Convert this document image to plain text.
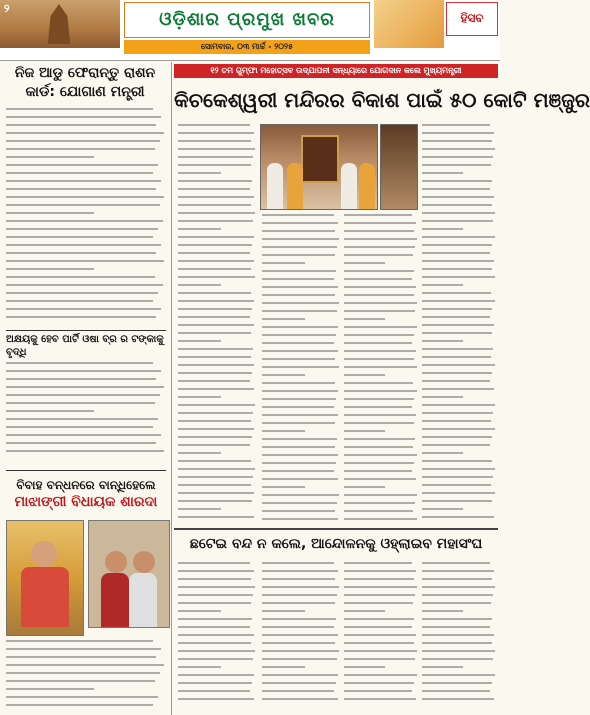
୨
ଓଡ଼ିଶାର ପ୍ରମୁଖ ଖବର
ସୋମବାର, ୦୩ ମାର୍ଚ୍ଚ - ୨୦୨୫
ହିସବ
ନିଜ ଆଡୁ ଫେରାନ୍ତୁ ରାଶନ
କାର୍ଡ: ଯୋଗାଣ ମନ୍ତ୍ରୀ
ଅକ୍ଷୟକୁ ହେବ ପାର୍ଟି ଓଷା ବ୍ର ର ଟଙ୍କାକୁ ବୃଦ୍ଧି
ବିବାହ ବନ୍ଧନରେ ବାନ୍ଧିହେଲେ
ମାଝାଙ୍ଗୀ ବିଧାୟକ ଶାରଦା
୧୨ ତମ ଗୁମ୍ଫା ମହୋତ୍ସବ ଉଦ୍‌ଯାପନୀ ସନ୍ଧ୍ୟାରେ ଯୋଗଦାନ କଲେ ମୁଖ୍ୟମନ୍ତ୍ରୀ
କିଚକେଶ୍ୱରୀ ମନ୍ଦିରର ବିକାଶ ପାଇଁ ୫୦ କୋଟି ମଞ୍ଜୁର
ଛଟେଇ ବନ୍ଦ ନ କଲେ, ଆନ୍ଦୋଳନକୁ ଓହ୍ଲାଇବ ମହାସଂଘ
